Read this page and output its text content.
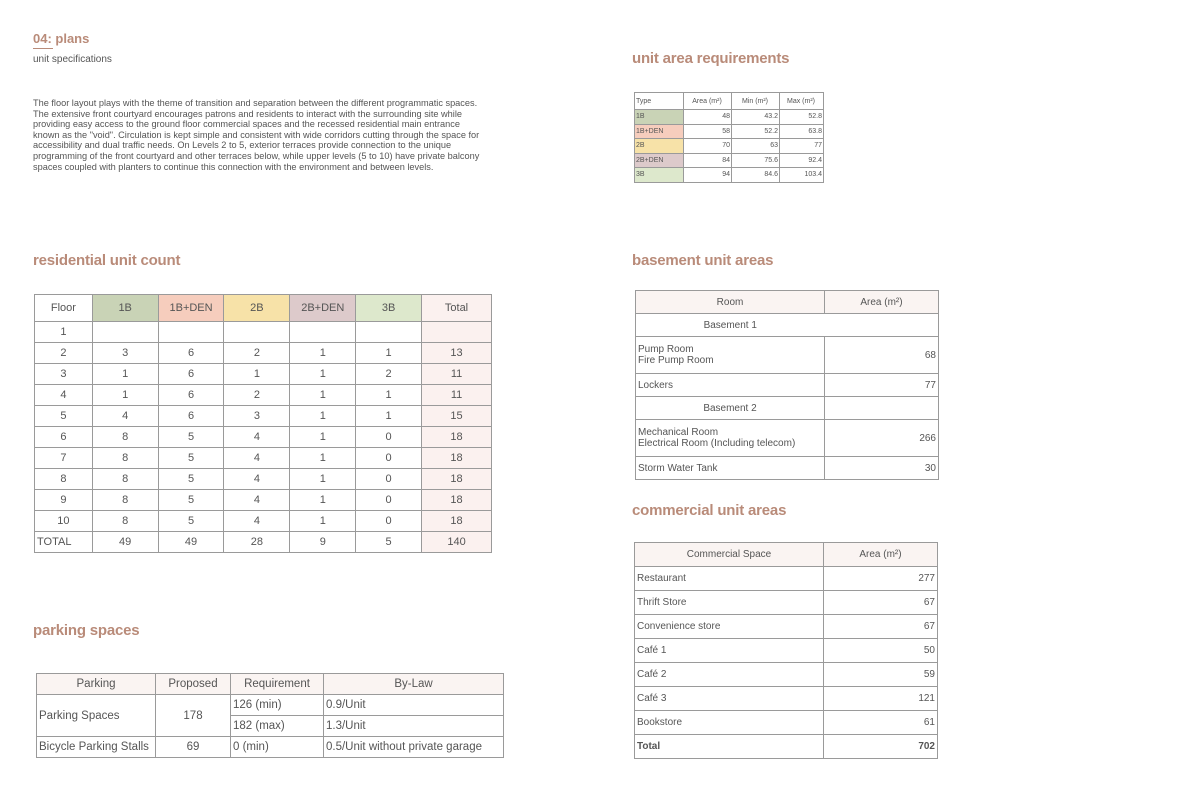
04: plans
unit specifications
The floor layout plays with the theme of transition and separation between the different programmatic spaces. The extensive front courtyard encourages patrons and residents to interact with the surrounding site while providing easy access to the ground floor commercial spaces and the recessed residential main entrance known as the "void". Circulation is kept simple and consistent with wide corridors cutting through the space for accessibility and dual traffic needs. On Levels 2 to 5, exterior terraces provide connection to the unique programming of the front courtyard and other terraces below, while upper levels (5 to 10) have private balcony spaces coupled with planters to continue this connection with the environment and between levels.
residential unit count
parking spaces
unit area requirements
basement unit areas
commercial unit areas
Floor	1B	1B+DEN	2B	2B+DEN	3B	Total
1						
2	3	6	2	1	1	13
3	1	6	1	1	2	11
4	1	6	2	1	1	11
5	4	6	3	1	1	15
6	8	5	4	1	0	18
7	8	5	4	1	0	18
8	8	5	4	1	0	18
9	8	5	4	1	0	18
10	8	5	4	1	0	18
TOTAL	49	49	28	9	5	140
Parking	Proposed	Requirement	By-Law
Parking Spaces	178	126 (min)	0.9/Unit
		182 (max)	1.3/Unit
Bicycle Parking Stalls	69	0 (min)	0.5/Unit without private garage
Type	Area (m²)	Min (m²)	Max (m²)
1B	48	43.2	52.8
1B+DEN	58	52.2	63.8
2B	70	63	77
2B+DEN	84	75.6	92.4
3B	94	84.6	103.4
Room	Area (m²)
Basement 1	

Pump Room
Fire Pump Room	68
Lockers	77
Basement 2	

Mechanical Room
Electrical Room (Including telecom)	266
Storm Water Tank	30
Commercial Space	Area (m²)
Restaurant	277
Thrift Store	67
Convenience store	67
Café 1	50
Café 2	59
Café 3	121
Bookstore	61
Total	702
